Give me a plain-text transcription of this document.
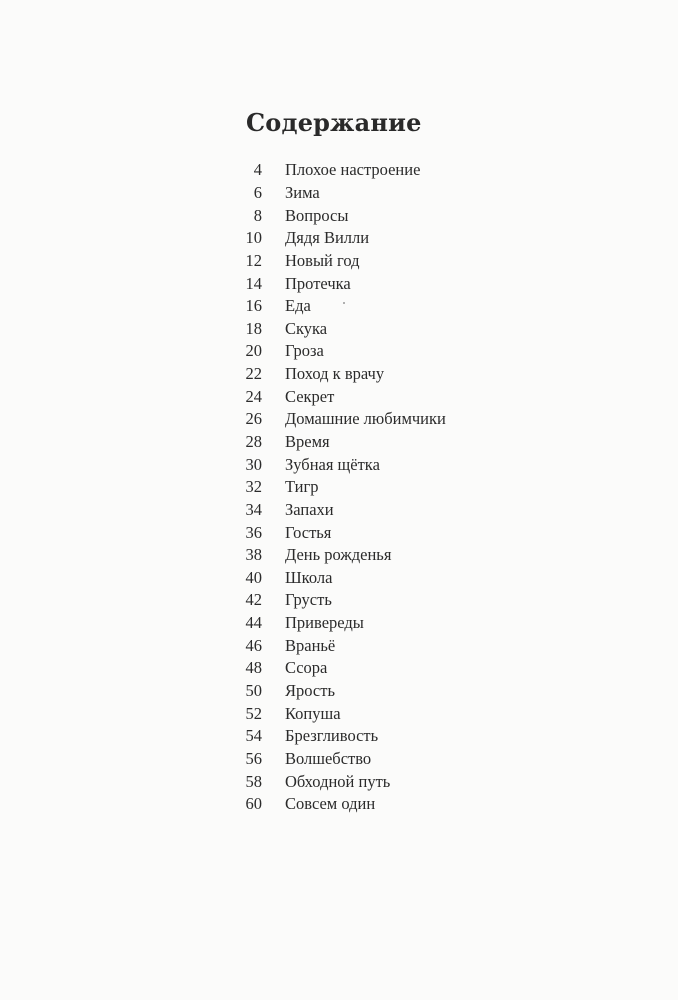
Содержание
4 Плохое настроение
6 Зима
8 Вопросы
10 Дядя Вилли
12 Новый год
14 Протечка
16 Еда
18 Скука
20 Гроза
22 Поход к врачу
24 Секрет
26 Домашние любимчики
28 Время
30 Зубная щётка
32 Тигр
34 Запахи
36 Гостья
38 День рожденья
40 Школа
42 Грусть
44 Привереды
46 Враньё
48 Ссора
50 Ярость
52 Копуша
54 Брезгливость
56 Волшебство
58 Обходной путь
60 Совсем один
